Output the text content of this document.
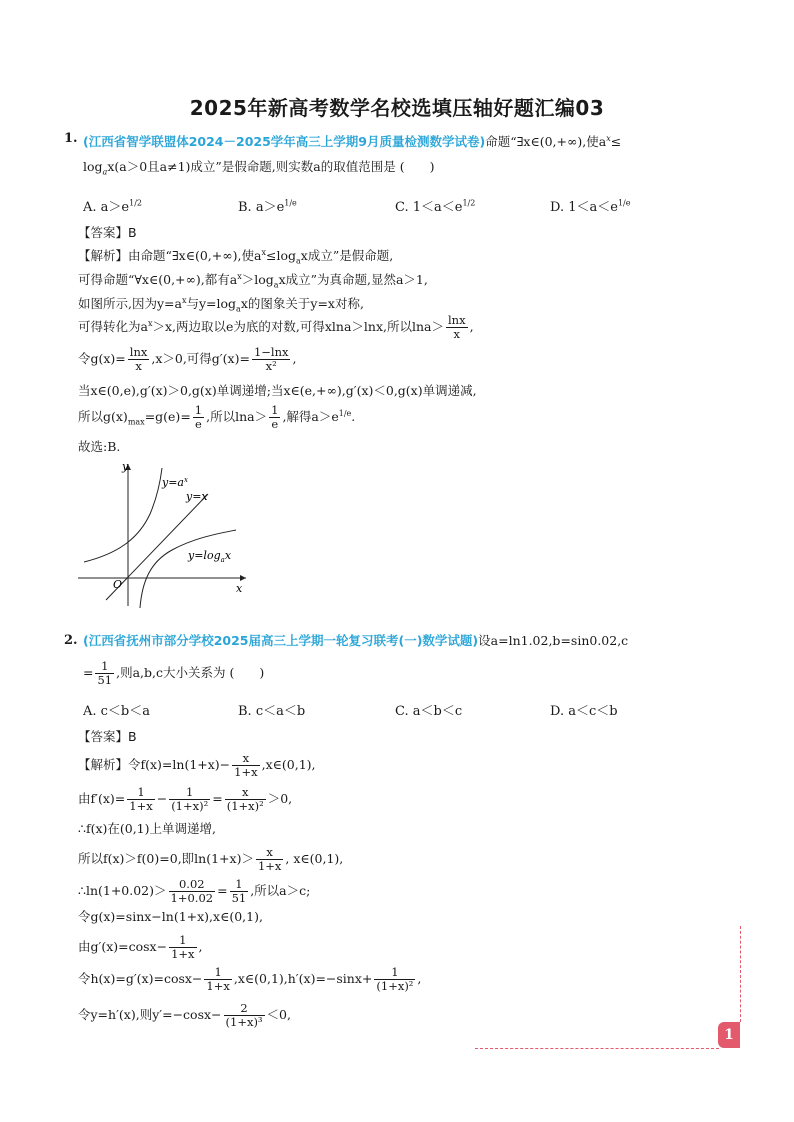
2025年新高考数学名校选填压轴好题汇编03
1. (江西省智学联盟体2024－2025学年高三上学期9月质量检测数学试卷)命题“∃x∈(0,+∞),使$a^x\le$
$\log_ax(a>0$且a≠1)成立”是假命题,则实数a的取值范围是 (　　)
A. $a>e^{1/2}$	B. $a>e^{1/e}$	C. $1<a<e^{1/2}$	D. $1<a<e^{1/e}$
【答案】B
【解析】由命题“∃x∈(0,+∞),使$a^x\le\log_ax$成立”是假命题,
可得命题“∀x∈(0,+∞),都有$a^x>\log_ax$成立”为真命题,显然a＞1,
如图所示,因为$y=a^x$与$y=\log_ax$的图象关于y=x对称,
可得转化为$a^x>x$,两边取以e为底的对数,可得xlna＞lnx,所以$\ln a> \frac{\ln x}{x}$ ,
令$g(x)= \frac{\ln x}{x} ,x>0$,可得$g'(x)= \frac{1-\ln x}{\text{x²}}$ ,
当x∈(0,e),g′(x)＞0,g(x)单调递增;当x∈(e,+∞),g′(x)＜0,g(x)单调递减,
所以$g(x)_{max}=g(e)= \frac{1}{e}$ ,所以$\ln a> \frac{1}{e}$ ,解得$a>e^{1/e}$.
故选:B.
y
x
O
$y=a^x$
y=x
$y=\log_ax$
2. (江西省抚州市部分学校2025届高三上学期一轮复习联考(一)数学试题)设a=ln1.02,b=sin0.02,c
= $\frac{1}{51}$ ,则a,b,c大小关系为 (　　)
A. c＜b＜a	B. c＜a＜b	C. a＜b＜c	D. a＜c＜b
【答案】B
【解析】令$f(x)=\ln(1+x)- \frac{x}{1+x}$ ,x∈(0,1),
由$f'(x)= \frac{1}{1+x} - \frac{1}{\text{(1+x)²}} = \frac{x}{\text{(1+x)²}} >0$,
∴f(x)在(0,1)上单调递增,
所以f(x)＞f(0)=0,即$\ln(1+x)> \frac{x}{1+x}$ , x∈(0,1),
∴ln(1+0.02)＞ $\frac{0.02}{1+0.02} = \frac{1}{51}$ ,所以a＞c;
令g(x)=sinx−ln(1+x),x∈(0,1),
由$g'(x)=\cos x- \frac{1}{1+x}$ ,
令$h(x)=g'(x)=\cos x- \frac{1}{1+x}$ ,x∈(0,1),h′(x)=−sinx+ $\frac{1}{\text{(1+x)²}}$ ,
令y=h′(x),则$y'=-\cos x- \frac{2}{\text{(1+x)³}} <0$,
1
